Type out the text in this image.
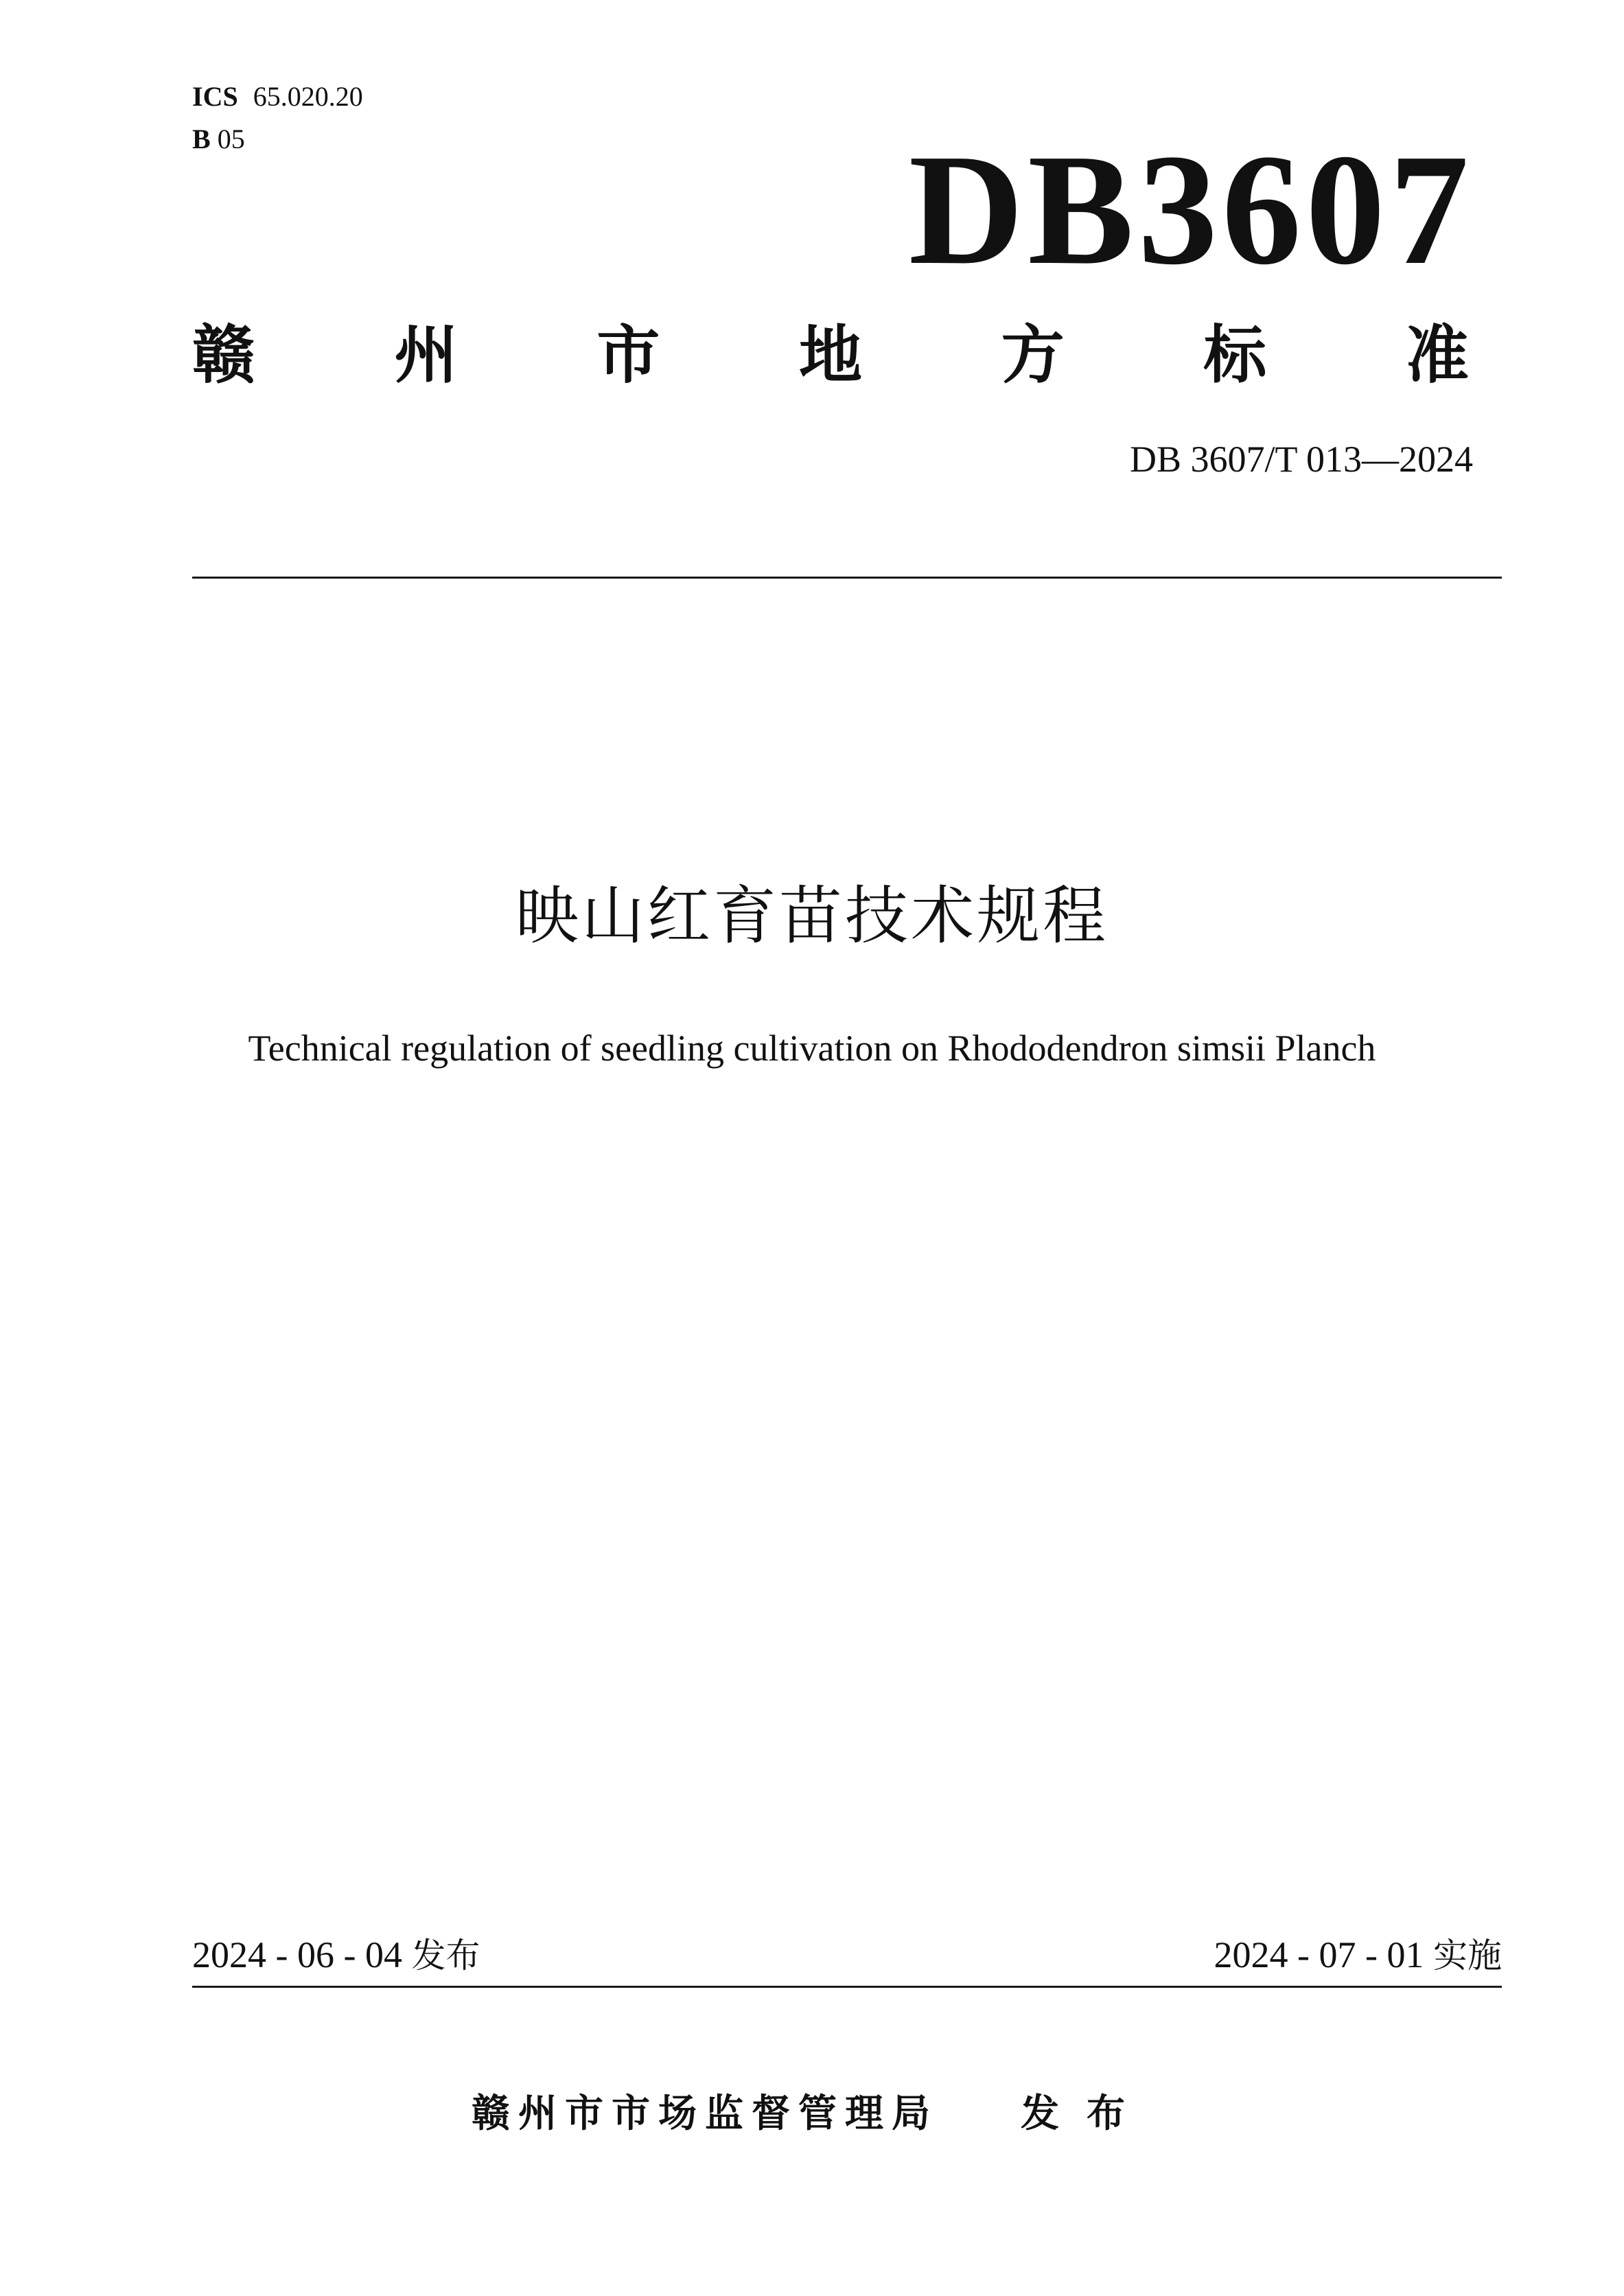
ICS 65.020.20
B 05	DB3607
赣 州 市 地 方 标 准
DB 3607/T 013—2024
映山红育苗技术规程
Technical regulation of seedling cultivation on Rhododendron simsii Planch
2024 - 06 - 04 发布	2024 - 07 - 01 实施
赣州市市场监督管理局 发布
